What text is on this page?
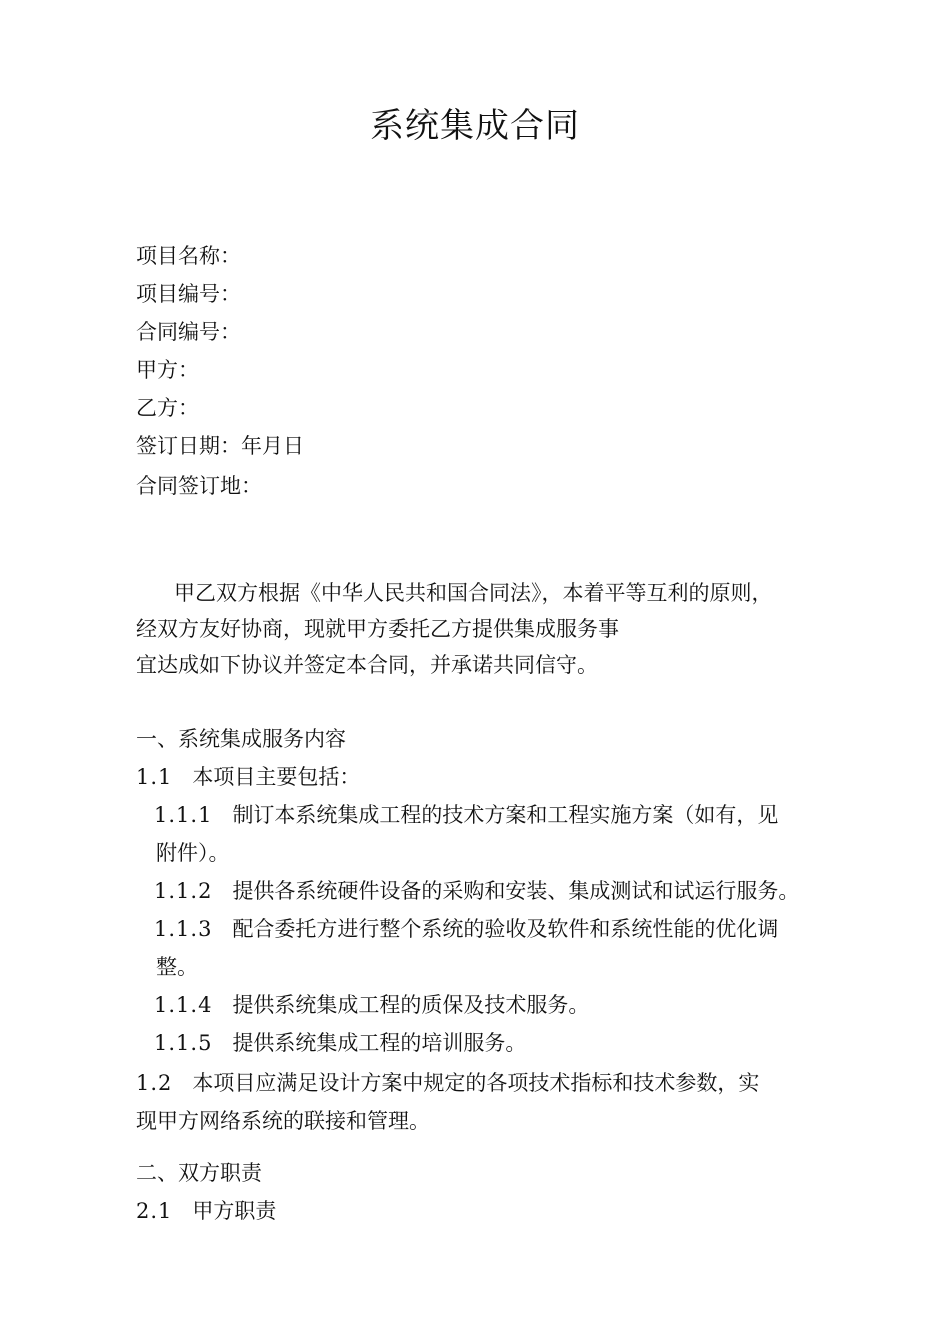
系统集成合同
项目名称：
项目编号：
合同编号：
甲方：
乙方：
签订日期：年月日
合同签订地：
甲乙双方根据《中华人民共和国合同法》，本着平等互利的原则，
经双方友好协商，现就甲方委托乙方提供集成服务事
宜达成如下协议并签定本合同，并承诺共同信守。
一、系统集成服务内容
1.1 本项目主要包括：
1.1.1 制订本系统集成工程的技术方案和工程实施方案（如有，见
附件）。
1.1.2 提供各系统硬件设备的采购和安装、集成测试和试运行服务。
1.1.3 配合委托方进行整个系统的验收及软件和系统性能的优化调
整。
1.1.4 提供系统集成工程的质保及技术服务。
1.1.5 提供系统集成工程的培训服务。
1.2 本项目应满足设计方案中规定的各项技术指标和技术参数，实
现甲方网络系统的联接和管理。
二、双方职责
2.1 甲方职责
